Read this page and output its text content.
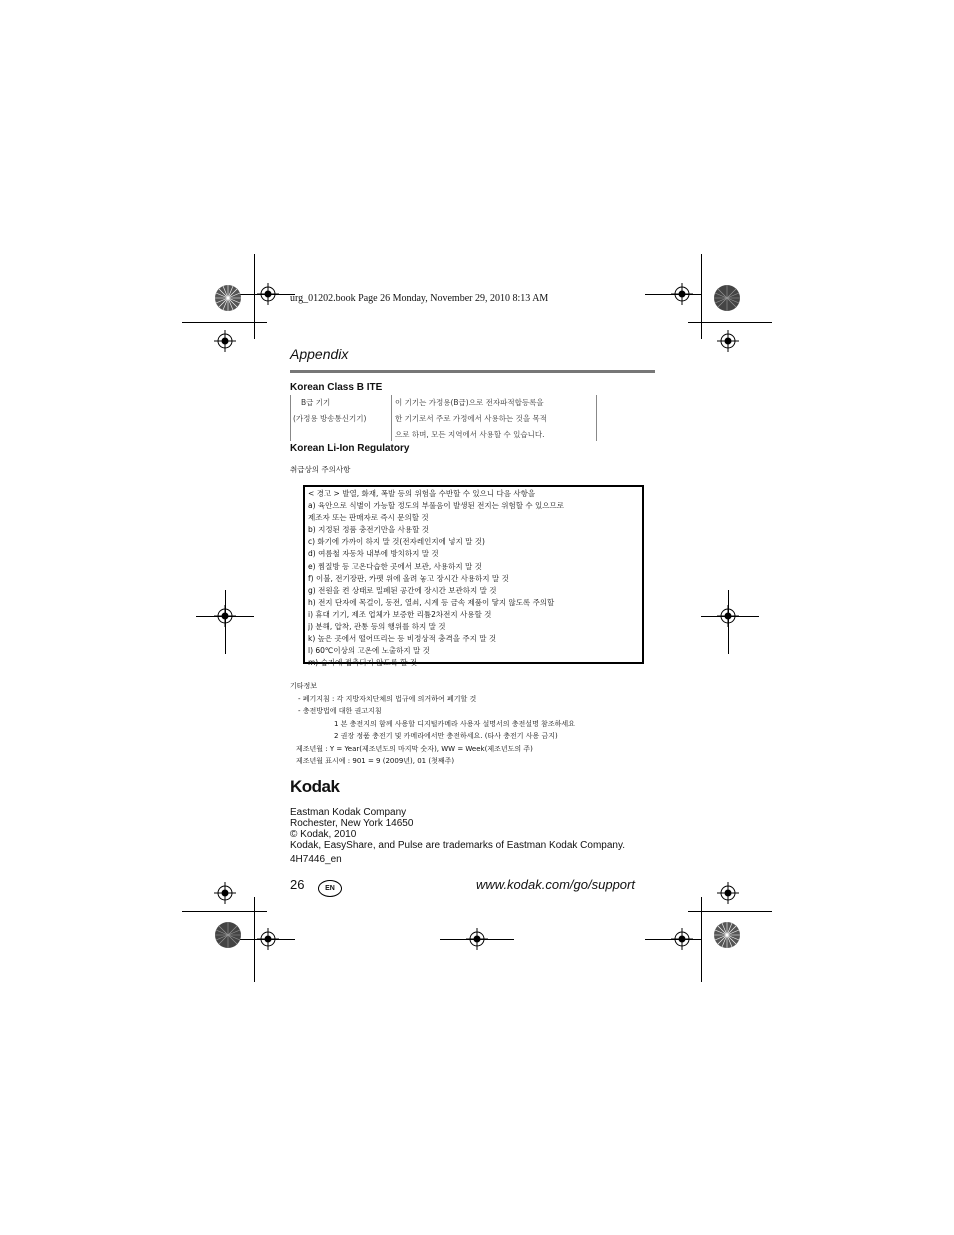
urg_01202.book Page 26 Monday, November 29, 2010 8:13 AM
Appendix
Korean Class B ITE
B급 기기
(가정용 방송통신기기)
이 기기는 가정용(B급)으로 전자파적합등록을
한 기기로서 주로 가정에서 사용하는 것을 목적
으로 하며, 모든 지역에서 사용할 수 있습니다.
Korean Li-Ion Regulatory
취급상의 주의사항
< 경고 > 발열, 화재, 폭발 등의 위험을 수반할 수 있으니 다음 사항을
a) 육안으로 식별이 가능할 정도의 부풀음이 발생된 전지는 위험할 수 있으므로
제조자 또는 판매자로 즉시 문의할 것
b) 지정된 정품 충전기만을 사용할 것
c) 화기에 가까이 하지 말 것(전자레인지에 넣지 말 것)
d) 여름철 자동차 내부에 방치하지 말 것
e) 찜질방 등 고온다습한 곳에서 보관, 사용하지 말 것
f) 이불, 전기장판, 카펫 위에 올려 놓고 장시간 사용하지 말 것
g) 전원을 켠 상태로 밀폐된 공간에 장시간 보관하지 말 것
h) 전지 단자에 목걸이, 동전, 열쇠, 시계 등 금속 제품이 닿지 않도록 주의할
i) 휴대 기기, 제조 업체가 보증한 리튬2차전지 사용할 것
j) 분해, 압착, 관통 등의 행위를 하지 말 것
k) 높은 곳에서 떨어뜨리는 등 비정상적 충격을 주지 말 것
l) 60℃이상의 고온에 노출하지 말 것
m) 습기에 접촉되지 않도록 할 것
기타정보
- 폐기지침 : 각 지방자치단체의 법규에 의거하여 폐기할 것
- 충전방법에 대한 권고지침
1 본 충전지의 함께 사용할 디지털카메라 사용자 설명서의 충전설명 참조하세요
2 권장 정품 충전기 및 카메라에서만 충전하세요. (타사 충전기 사용 금지)
제조년월 : Y = Year(제조년도의 마지막 숫자), WW = Week(제조년도의 주)
제조년월 표시예 : 901 = 9 (2009년), 01 (첫째주)
Kodak
Eastman Kodak Company
Rochester, New York 14650
© Kodak, 2010
Kodak, EasyShare, and Pulse are trademarks of Eastman Kodak Company.
4H7446_en
26	EN	www.kodak.com/go/support
